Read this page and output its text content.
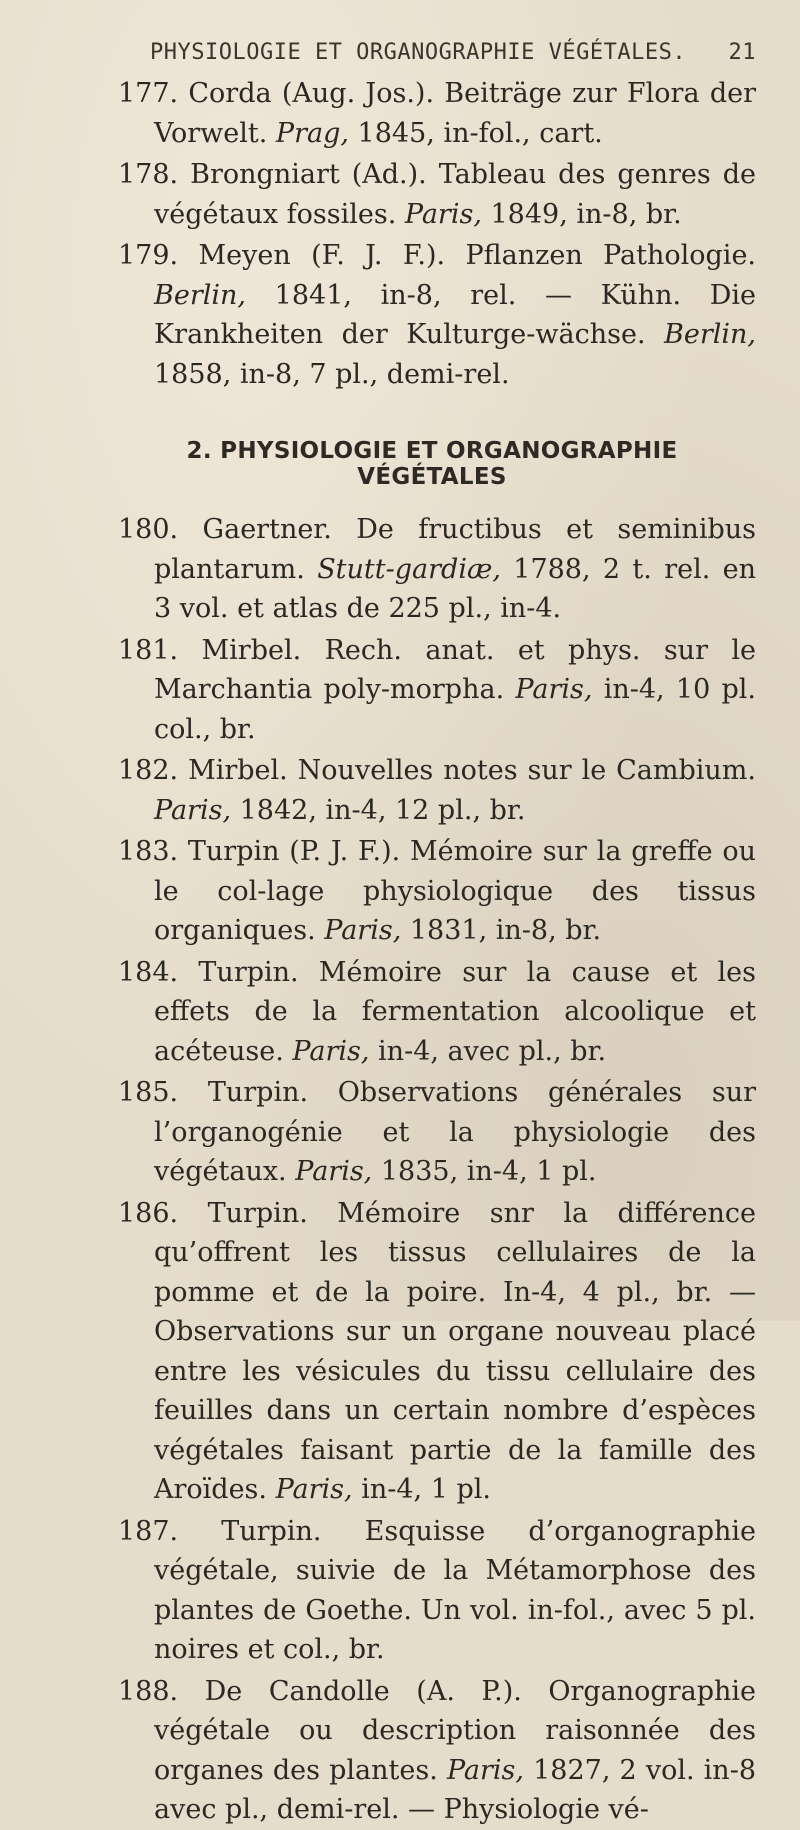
PHYSIOLOGIE ET ORGANOGRAPHIE VÉGÉTALES. 21
177. Corda (Aug. Jos.). Beiträge zur Flora der Vorwelt. Prag, 1845, in-fol., cart.
178. Brongniart (Ad.). Tableau des genres de végétaux fossiles. Paris, 1849, in-8, br.
179. Meyen (F. J. F.). Pflanzen Pathologie. Berlin, 1841, in-8, rel. — Kühn. Die Krankheiten der Kulturge-wächse. Berlin, 1858, in-8, 7 pl., demi-rel.
2. PHYSIOLOGIE ET ORGANOGRAPHIE VÉGÉTALES
180. Gaertner. De fructibus et seminibus plantarum. Stutt-gardiæ, 1788, 2 t. rel. en 3 vol. et atlas de 225 pl., in-4.
181. Mirbel. Rech. anat. et phys. sur le Marchantia poly-morpha. Paris, in-4, 10 pl. col., br.
182. Mirbel. Nouvelles notes sur le Cambium. Paris, 1842, in-4, 12 pl., br.
183. Turpin (P. J. F.). Mémoire sur la greffe ou le col-lage physiologique des tissus organiques. Paris, 1831, in-8, br.
184. Turpin. Mémoire sur la cause et les effets de la fermentation alcoolique et acéteuse. Paris, in-4, avec pl., br.
185. Turpin. Observations générales sur l’organogénie et la physiologie des végétaux. Paris, 1835, in-4, 1 pl.
186. Turpin. Mémoire snr la différence qu’offrent les tissus cellulaires de la pomme et de la poire. In-4, 4 pl., br. — Observations sur un organe nouveau placé entre les vésicules du tissu cellulaire des feuilles dans un certain nombre d’espèces végétales faisant partie de la famille des Aroïdes. Paris, in-4, 1 pl.
187. Turpin. Esquisse d’organographie végétale, suivie de la Métamorphose des plantes de Goethe. Un vol. in-fol., avec 5 pl. noires et col., br.
188. De Candolle (A. P.). Organographie végétale ou description raisonnée des organes des plantes. Paris, 1827, 2 vol. in-8 avec pl., demi-rel. — Physiologie vé-
